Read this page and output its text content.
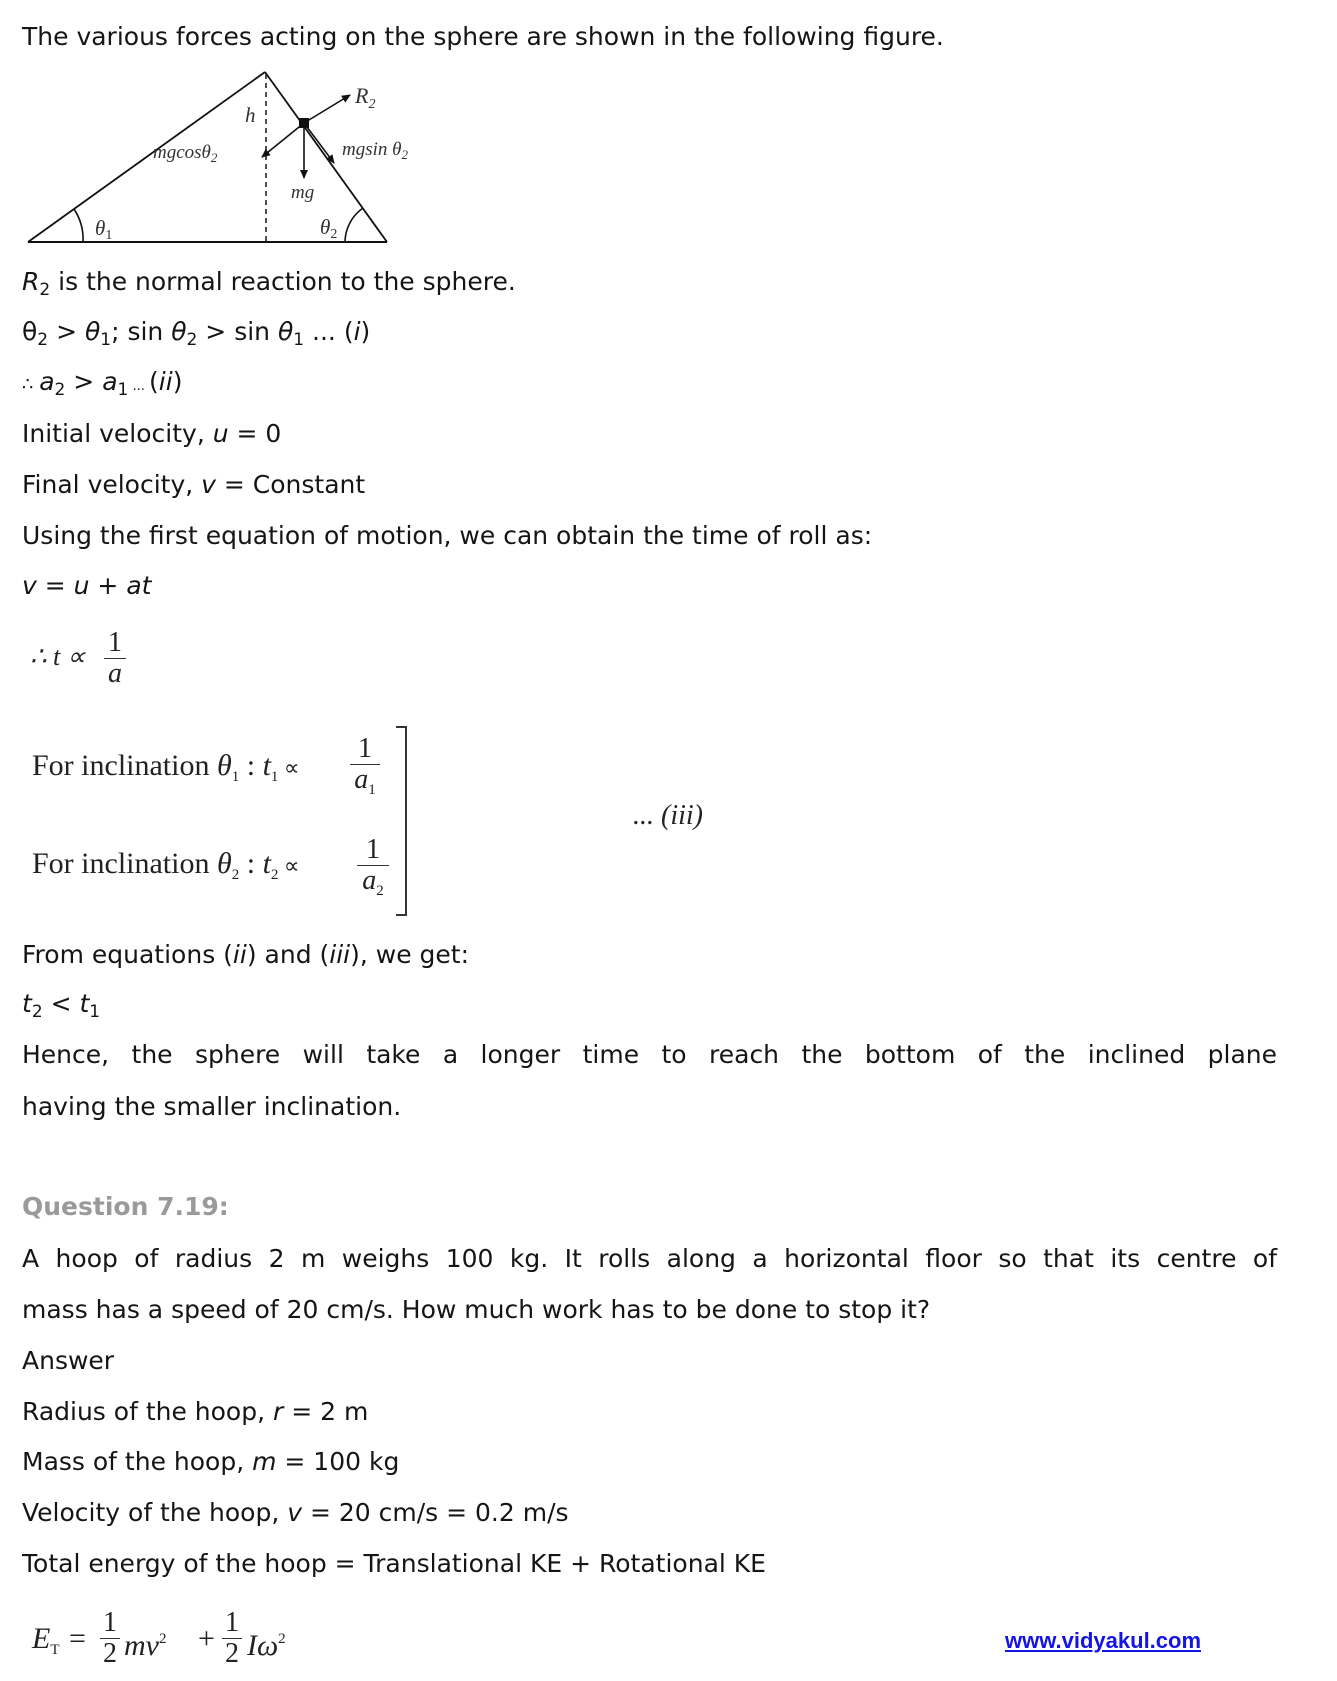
The various forces acting on the sphere are shown in the following figure.
$R_2$
h
mgcosθ$_2$	mgsin $\theta_2$
mg
θ1	θ2
$R_2$ is the normal reaction to the sphere.
$\theta_2 > \theta_1$; $\sin \theta_2 > \sin \theta_1$ ... (i)
∴ $a_2 > a_1$ ... (ii)
Initial velocity, u = 0
Final velocity, v = Constant
Using the first equation of motion, we can obtain the time of roll as:
v = u + at
∴ t ∝ 1
a
For inclination $\theta_1$ : $t_1$ ∝
1
$a_1$
For inclination $\theta_2$ : $t_2$ ∝
1
$a_2$
... (iii)
From equations (ii) and (iii), we get:
$t_2 < t_1$
Hence, the sphere will take a longer time to reach the bottom of the inclined plane
having the smaller inclination.
Question 7.19:
A hoop of radius 2 m weighs 100 kg. It rolls along a horizontal floor so that its centre of
mass has a speed of 20 cm/s. How much work has to be done to stop it?
Answer
Radius of the hoop, r = 2 m
Mass of the hoop, m = 100 kg
Velocity of the hoop, v = 20 cm/s = 0.2 m/s
Total energy of the hoop = Translational KE + Rotational KE
$E_T = 1$
2 $mv^2 + 1$
2 $I\omega^2$	www.vidyakul.com
